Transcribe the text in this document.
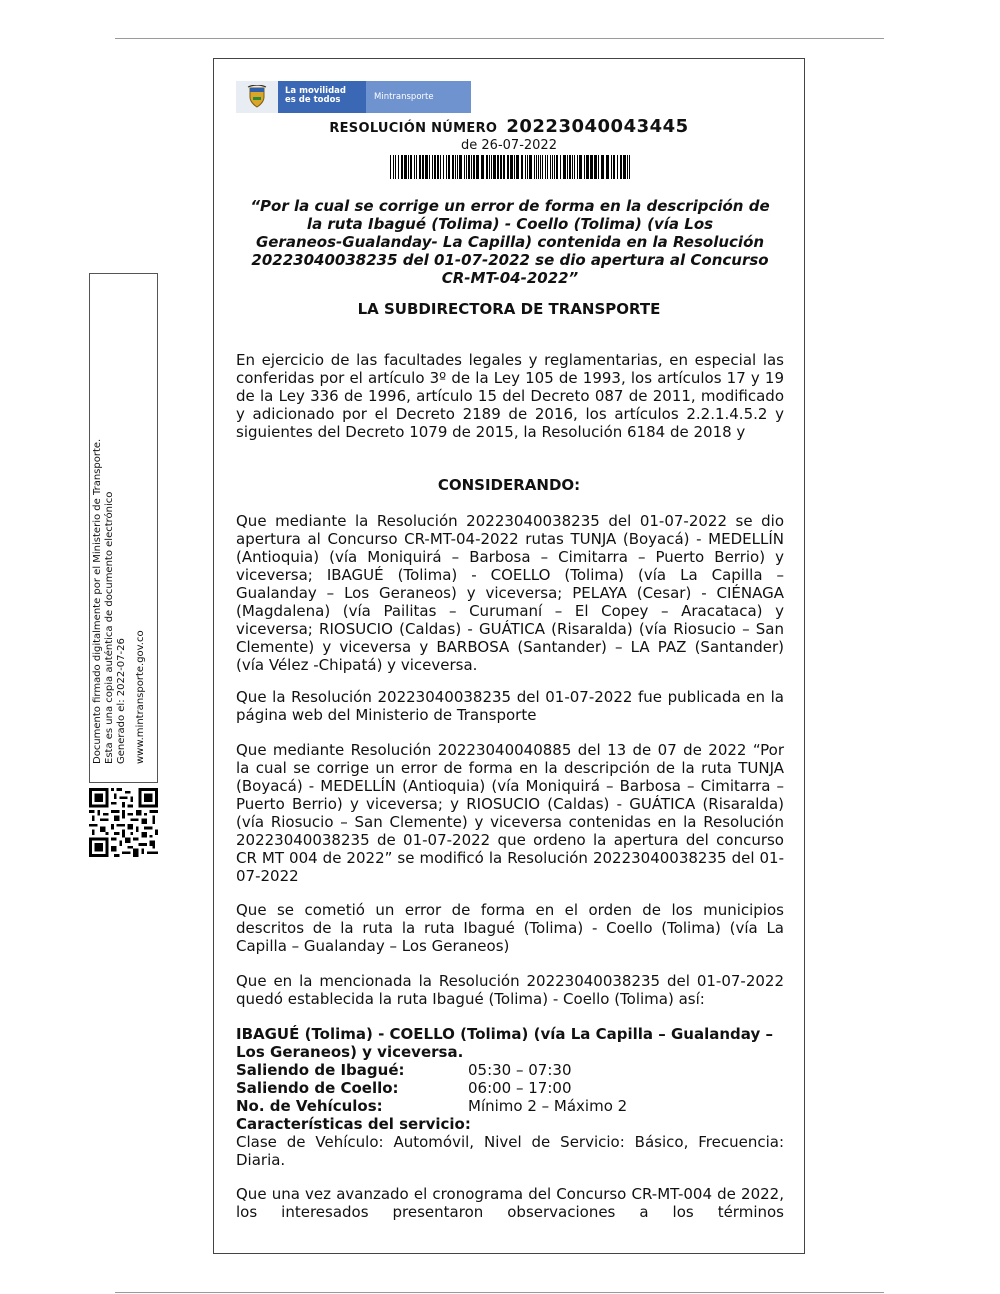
Documento firmado digitalmente por el Ministerio de Transporte. Esta es una copia auténtica de documento electrónico Generado el: 2022-07-26 www.mintransporte.gov.co
La movilidad
es de todos	Mintransporte
RESOLUCIÓN NÚMERO 20223040043445
de 26-07-2022
“Por la cual se corrige un error de forma en la descripción de
la ruta Ibagué (Tolima) - Coello (Tolima) (vía Los
Geraneos-Gualanday- La Capilla) contenida en la Resolución
20223040038235 del 01-07-2022 se dio apertura al Concurso
CR-MT-04-2022”
LA SUBDIRECTORA DE TRANSPORTE

En ejercicio de las facultades legales y reglamentarias, en especial las conferidas por el artículo 3º de la Ley 105 de 1993, los artículos 17 y 19 de la Ley 336 de 1996, artículo 15 del Decreto 087 de 2011, modificado y adicionado por el Decreto 2189 de 2016, los artículos 2.2.1.4.5.2 y siguientes del Decreto 1079 de 2015, la Resolución 6184 de 2018 y

CONSIDERANDO:

Que mediante la Resolución 20223040038235 del 01-07-2022 se dio apertura al Concurso CR-MT-04-2022 rutas TUNJA (Boyacá) - MEDELLÍN (Antioquia) (vía Moniquirá – Barbosa – Cimitarra – Puerto Berrio) y viceversa; IBAGUÉ (Tolima) - COELLO (Tolima) (vía La Capilla – Gualanday – Los Geraneos) y viceversa; PELAYA (Cesar) - CIÉNAGA (Magdalena) (vía Pailitas – Curumaní – El Copey – Aracataca) y viceversa; RIOSUCIO (Caldas) - GUÁTICA (Risaralda) (vía Riosucio – San Clemente) y viceversa y BARBOSA (Santander) – LA PAZ (Santander) (vía Vélez -Chipatá) y viceversa.

Que la Resolución 20223040038235 del 01-07-2022 fue publicada en la página web del Ministerio de Transporte

Que mediante Resolución 20223040040885 del 13 de 07 de 2022 “Por la cual se corrige un error de forma en la descripción de la ruta TUNJA (Boyacá) - MEDELLÍN (Antioquia) (vía Moniquirá – Barbosa – Cimitarra – Puerto Berrio) y viceversa; y RIOSUCIO (Caldas) - GUÁTICA (Risaralda) (vía Riosucio – San Clemente) y viceversa contenidas en la Resolución 20223040038235 de 01-07-2022 que ordeno la apertura del concurso CR MT 004 de 2022” se modificó la Resolución 20223040038235 del 01-07-2022

Que se cometió un error de forma en el orden de los municipios descritos de la ruta la ruta Ibagué (Tolima) - Coello (Tolima) (vía La Capilla – Gualanday – Los Geraneos)

Que en la mencionada la Resolución 20223040038235 del 01-07-2022 quedó establecida la ruta Ibagué (Tolima) - Coello (Tolima) así:

IBAGUÉ (Tolima) - COELLO (Tolima) (vía La Capilla – Gualanday – Los Geraneos) y viceversa.
Saliendo de Ibagué:	05:30 – 07:30
Saliendo de Coello:	06:00 – 17:00
No. de Vehículos:	Mínimo 2 – Máximo 2
Características del servicio:
Clase de Vehículo: Automóvil, Nivel de Servicio: Básico, Frecuencia: Diaria.

Que una vez avanzado el cronograma del Concurso CR-MT-004 de 2022, los interesados presentaron observaciones a los términos
